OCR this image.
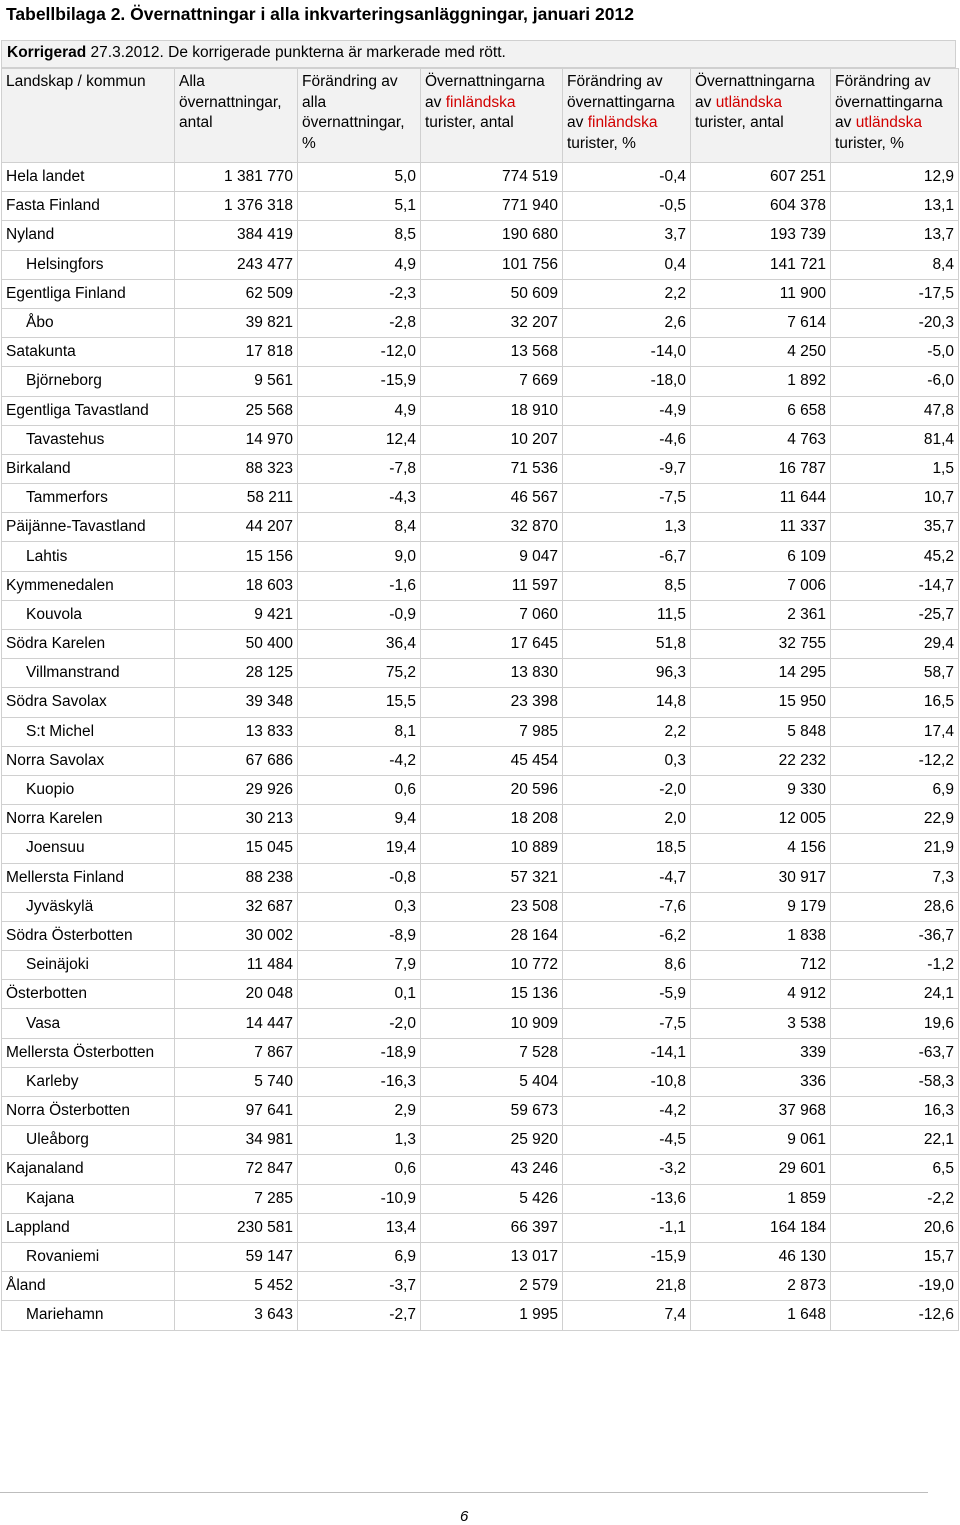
Tabellbilaga 2. Övernattningar i alla inkvarteringsanläggningar, januari 2012
Korrigerad 27.3.2012. De korrigerade punkterna är markerade med rött.
Landskap / kommun	Alla övernattningar, antal	Förändring av alla övernattningar, %	Övernattningarna av finländska turister, antal	Förändring av övernattingarna av finländska turister, %	Övernattningarna av utländska turister, antal	Förändring av övernattingarna av utländska turister, %
Hela landet	1 381 770	5,0	774 519	-0,4	607 251	12,9
Fasta Finland	1 376 318	5,1	771 940	-0,5	604 378	13,1
Nyland	384 419	8,5	190 680	3,7	193 739	13,7
Helsingfors	243 477	4,9	101 756	0,4	141 721	8,4
Egentliga Finland	62 509	-2,3	50 609	2,2	11 900	-17,5
Åbo	39 821	-2,8	32 207	2,6	7 614	-20,3
Satakunta	17 818	-12,0	13 568	-14,0	4 250	-5,0
Björneborg	9 561	-15,9	7 669	-18,0	1 892	-6,0
Egentliga Tavastland	25 568	4,9	18 910	-4,9	6 658	47,8
Tavastehus	14 970	12,4	10 207	-4,6	4 763	81,4
Birkaland	88 323	-7,8	71 536	-9,7	16 787	1,5
Tammerfors	58 211	-4,3	46 567	-7,5	11 644	10,7
Päijänne-Tavastland	44 207	8,4	32 870	1,3	11 337	35,7
Lahtis	15 156	9,0	9 047	-6,7	6 109	45,2
Kymmenedalen	18 603	-1,6	11 597	8,5	7 006	-14,7
Kouvola	9 421	-0,9	7 060	11,5	2 361	-25,7
Södra Karelen	50 400	36,4	17 645	51,8	32 755	29,4
Villmanstrand	28 125	75,2	13 830	96,3	14 295	58,7
Södra Savolax	39 348	15,5	23 398	14,8	15 950	16,5
S:t Michel	13 833	8,1	7 985	2,2	5 848	17,4
Norra Savolax	67 686	-4,2	45 454	0,3	22 232	-12,2
Kuopio	29 926	0,6	20 596	-2,0	9 330	6,9
Norra Karelen	30 213	9,4	18 208	2,0	12 005	22,9
Joensuu	15 045	19,4	10 889	18,5	4 156	21,9
Mellersta Finland	88 238	-0,8	57 321	-4,7	30 917	7,3
Jyväskylä	32 687	0,3	23 508	-7,6	9 179	28,6
Södra Österbotten	30 002	-8,9	28 164	-6,2	1 838	-36,7
Seinäjoki	11 484	7,9	10 772	8,6	712	-1,2
Österbotten	20 048	0,1	15 136	-5,9	4 912	24,1
Vasa	14 447	-2,0	10 909	-7,5	3 538	19,6
Mellersta Österbotten	7 867	-18,9	7 528	-14,1	339	-63,7
Karleby	5 740	-16,3	5 404	-10,8	336	-58,3
Norra Österbotten	97 641	2,9	59 673	-4,2	37 968	16,3
Uleåborg	34 981	1,3	25 920	-4,5	9 061	22,1
Kajanaland	72 847	0,6	43 246	-3,2	29 601	6,5
Kajana	7 285	-10,9	5 426	-13,6	1 859	-2,2
Lappland	230 581	13,4	66 397	-1,1	164 184	20,6
Rovaniemi	59 147	6,9	13 017	-15,9	46 130	15,7
Åland	5 452	-3,7	2 579	21,8	2 873	-19,0
Mariehamn	3 643	-2,7	1 995	7,4	1 648	-12,6
6
